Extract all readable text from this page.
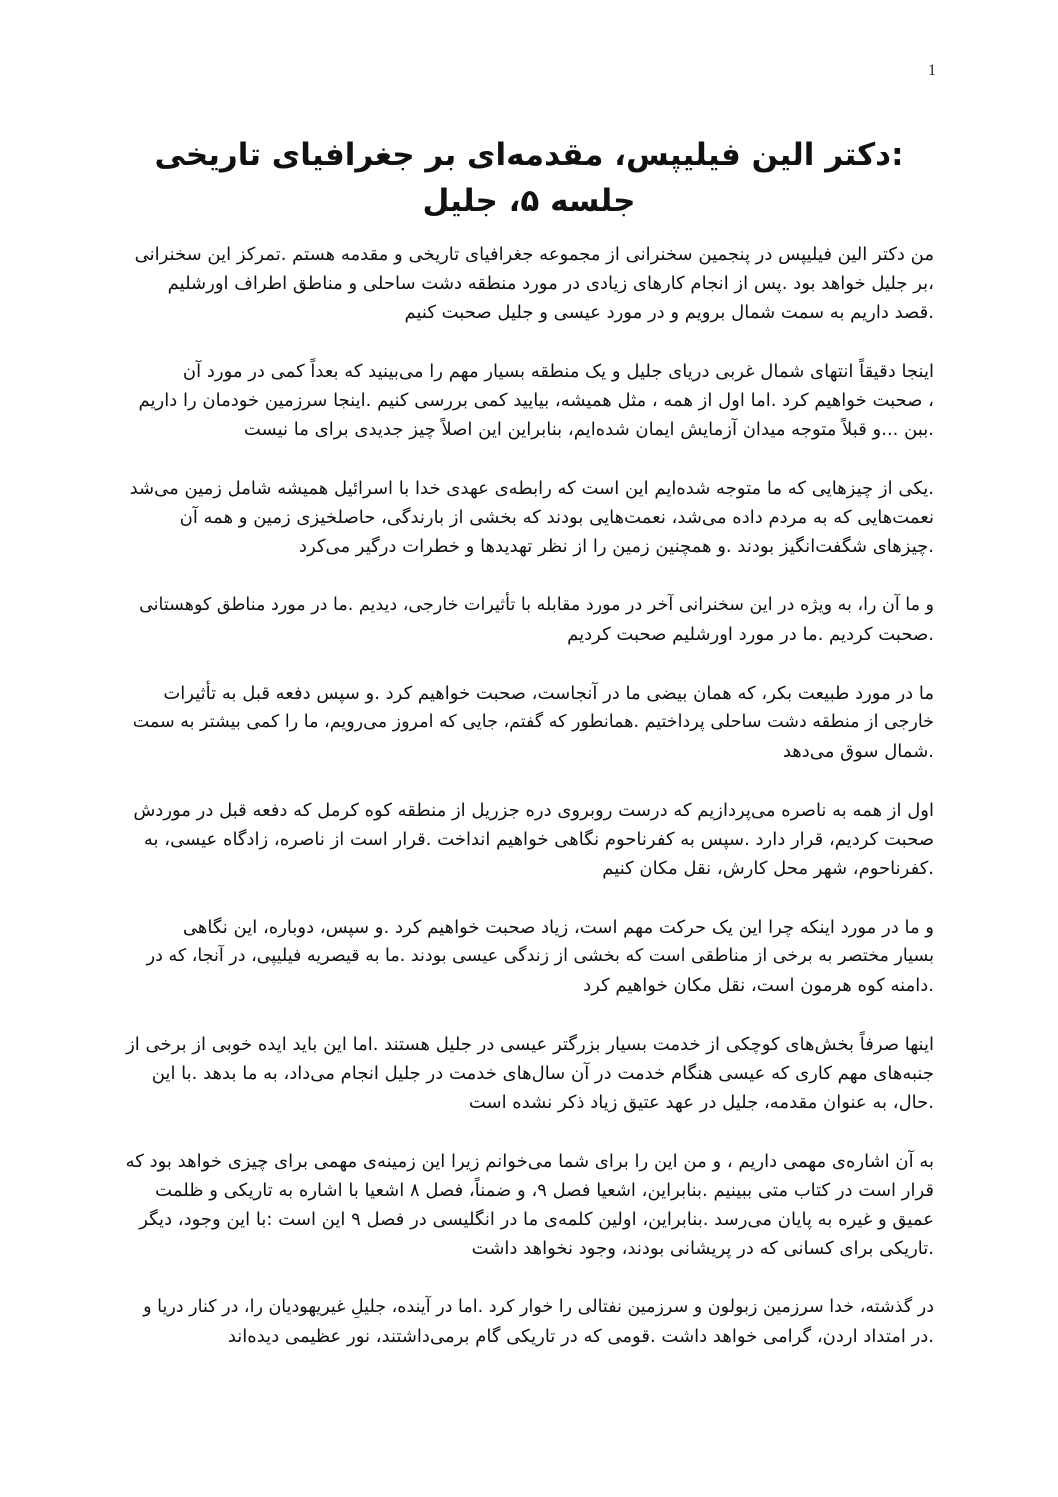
1
:دکتر الین فیلیپس، مقدمه‌ای بر جغرافیای تاریخی
جلسه ۵، جلیل

من دکتر الین فیلیپس در پنجمین سخنرانی از مجموعه جغرافیای تاریخی و مقدمه هستم .تمرکز این سخنرانی
،بر جلیل خواهد بود .پس از انجام کارهای زیادی در مورد منطقه دشت ساحلی و مناطق اطراف اورشلیم
.قصد داریم به سمت شمال برویم و در مورد عیسی و جلیل صحبت کنیم

اینجا دقیقاً انتهای شمال غربی دریای جلیل و یک منطقه بسیار مهم را می‌بینید که بعداً کمی در مورد آن
، صحبت خواهیم کرد .اما اول از همه ، مثل همیشه، بیایید کمی بررسی کنیم .اینجا سرزمین خودمان را داریم
.ببن ...و قبلاً متوجه میدان آزمایش ایمان شده‌ایم، بنابراین این اصلاً چیز جدیدی برای ما نیست

.یکی از چیزهایی که ما متوجه شده‌ایم این است که رابطه‌ی عهدی خدا با اسرائیل همیشه شامل زمین می‌شد
نعمت‌هایی که به مردم داده می‌شد، نعمت‌هایی بودند که بخشی از بارندگی، حاصلخیزی زمین و همه آن
.چیزهای شگفت‌انگیز بودند .و همچنین زمین را از نظر تهدیدها و خطرات درگیر می‌کرد

و ما آن را، به ویژه در این سخنرانی آخر در مورد مقابله با تأثیرات خارجی، دیدیم .ما در مورد مناطق کوهستانی
.صحبت کردیم .ما در مورد اورشلیم صحبت کردیم

ما در مورد طبیعت بکر، که همان بیضی ما در آنجاست، صحبت خواهیم کرد .و سپس دفعه قبل به تأثیرات
خارجی از منطقه دشت ساحلی پرداختیم .همانطور که گفتم، جایی که امروز می‌رویم، ما را کمی بیشتر به سمت
.شمال سوق می‌دهد

اول از همه به ناصره می‌پردازیم که درست روبروی دره جزریل از منطقه کوه کرمل که دفعه قبل در موردش
صحبت کردیم، قرار دارد .سپس به کفرناحوم نگاهی خواهیم انداخت .قرار است از ناصره، زادگاه عیسی، به
.کفرناحوم، شهر محل کارش، نقل مکان کنیم

و ما در مورد اینکه چرا این یک حرکت مهم است، زیاد صحبت خواهیم کرد .و سپس، دوباره، این نگاهی
بسیار مختصر به برخی از مناطقی است که بخشی از زندگی عیسی بودند .ما به قیصریه فیلیپی، در آنجا، که در
.دامنه کوه هرمون است، نقل مکان خواهیم کرد

اینها صرفاً بخش‌های کوچکی از خدمت بسیار بزرگتر عیسی در جلیل هستند .اما این باید ایده خوبی از برخی از
جنبه‌های مهم کاری که عیسی هنگام خدمت در آن سال‌های خدمت در جلیل انجام می‌داد، به ما بدهد .با این
.حال، به عنوان مقدمه، جلیل در عهد عتیق زیاد ذکر نشده است

به آن اشاره‌ی مهمی داریم ، و من این را برای شما می‌خوانم زیرا این زمینه‌ی مهمی برای چیزی خواهد بود که
قرار است در کتاب متی ببینیم .بنابراین، اشعیا فصل ۹، و ضمناً، فصل ۸ اشعیا با اشاره به تاریکی و ظلمت
عمیق و غیره به پایان می‌رسد .بنابراین، اولین کلمه‌ی ما در انگلیسی در فصل ۹ این است :با این وجود، دیگر
.تاریکی برای کسانی که در پریشانی بودند، وجود نخواهد داشت

در گذشته، خدا سرزمین زبولون و سرزمین نفتالی را خوار کرد .اما در آینده، جلیلِ غیریهودیان را، در کنار دریا و
.در امتداد اردن، گرامی خواهد داشت .قومی که در تاریکی گام برمی‌داشتند، نور عظیمی دیده‌اند
